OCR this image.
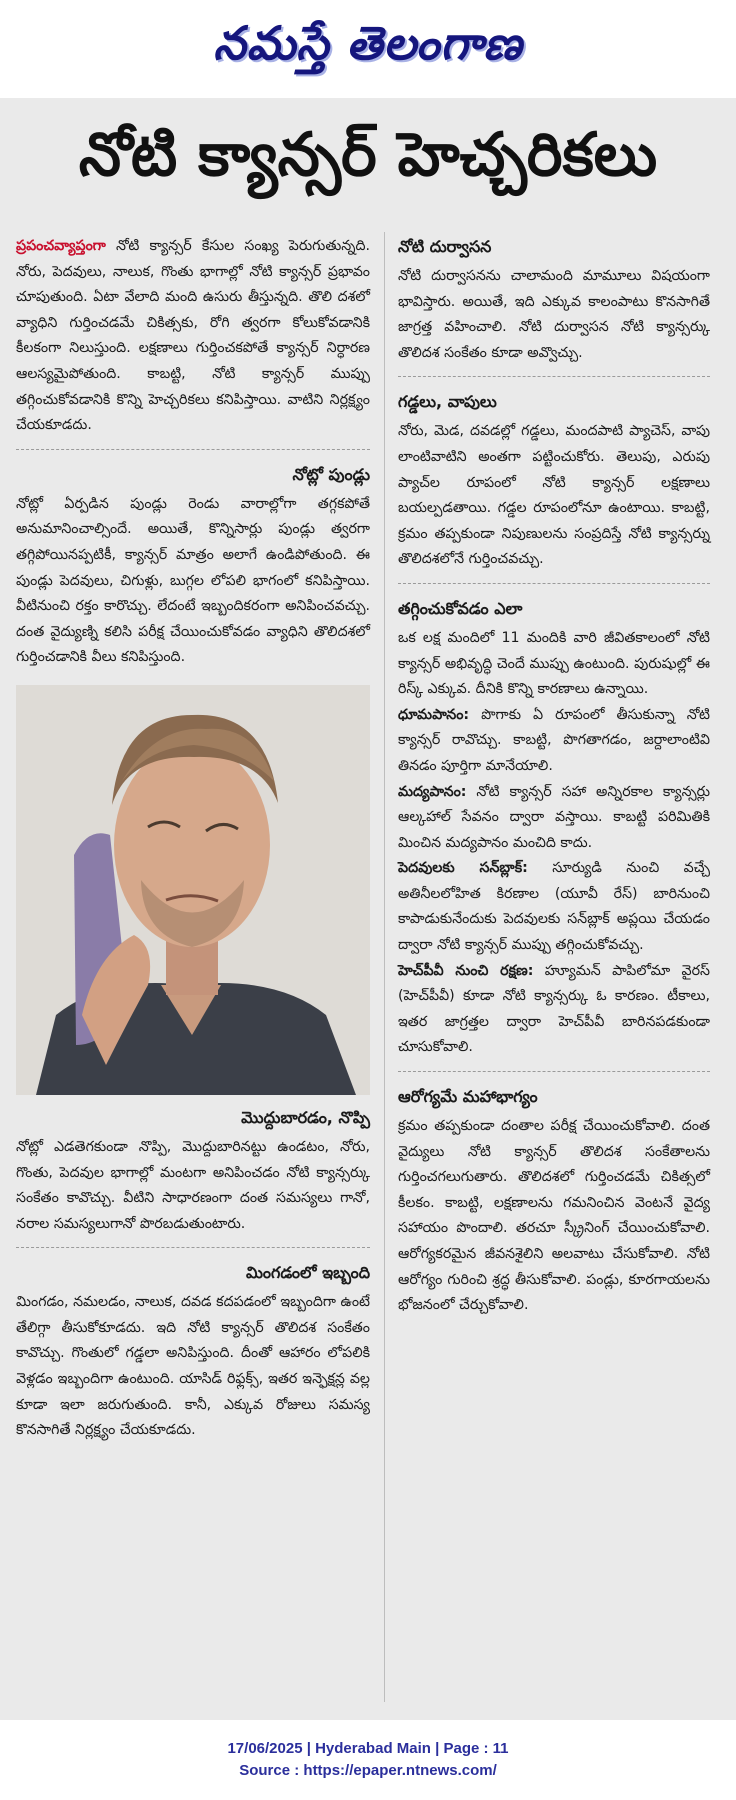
నమస్తే తెలంగాణ
నోటి క్యాన్సర్ హెచ్చరికలు

ప్రపంచవ్యాప్తంగా నోటి క్యాన్సర్ కేసుల సంఖ్య పెరుగుతున్నది. నోరు, పెదవులు, నాలుక, గొంతు భాగాల్లో నోటి క్యాన్సర్ ప్రభావం చూపుతుంది. ఏటా వేలాది మంది ఉసురు తీస్తున్నది. తొలి దశలో వ్యాధిని గుర్తించడమే చికిత్సకు, రోగి త్వరగా కోలుకోవడానికి కీలకంగా నిలుస్తుంది. లక్షణాలు గుర్తించకపోతే క్యాన్సర్ నిర్ధారణ ఆలస్యమైపోతుంది. కాబట్టి, నోటి క్యాన్సర్ ముప్పు తగ్గించుకోవడానికి కొన్ని హెచ్చరికలు కనిపిస్తాయి. వాటిని నిర్లక్ష్యం చేయకూడదు.

నోట్లో పుండ్లు

నోట్లో ఏర్పడిన పుండ్లు రెండు వారాల్లోగా తగ్గకపోతే అనుమానించాల్సిందే. అయితే, కొన్నిసార్లు పుండ్లు త్వరగా తగ్గిపోయినప్పటికీ, క్యాన్సర్ మాత్రం అలాగే ఉండిపోతుంది. ఈ పుండ్లు పెదవులు, చిగుళ్లు, బుగ్గల లోపలి భాగంలో కనిపిస్తాయి. వీటినుంచి రక్తం కారొచ్చు. లేదంటే ఇబ్బందికరంగా అనిపించవచ్చు. దంత వైద్యుణ్ని కలిసి పరీక్ష చేయించుకోవడం వ్యాధిని తొలిదశలో గుర్తించడానికి వీలు కనిపిస్తుంది.

మొద్దుబారడం, నొప్పి

నోట్లో ఎడతెగకుండా నొప్పి, మొద్దుబారినట్టు ఉండటం, నోరు, గొంతు, పెదవుల భాగాల్లో మంటగా అనిపించడం నోటి క్యాన్సర్కు సంకేతం కావొచ్చు. వీటిని సాధారణంగా దంత సమస్యలు గానో, నరాల సమస్యలుగానో పొరబడుతుంటారు.

మింగడంలో ఇబ్బంది

మింగడం, నమలడం, నాలుక, దవడ కదపడంలో ఇబ్బందిగా ఉంటే తేలిగ్గా తీసుకోకూడదు. ఇది నోటి క్యాన్సర్ తొలిదశ సంకేతం కావొచ్చు. గొంతులో గడ్డలా అనిపిస్తుంది. దీంతో ఆహారం లోపలికి వెళ్లడం ఇబ్బందిగా ఉంటుంది. యాసిడ్ రిఫ్లక్స్, ఇతర ఇన్ఫెక్షన్ల వల్ల కూడా ఇలా జరుగుతుంది. కానీ, ఎక్కువ రోజులు సమస్య కొనసాగితే నిర్లక్ష్యం చేయకూడదు.

నోటి దుర్వాసన

నోటి దుర్వాసనను చాలామంది మామూలు విషయంగా భావిస్తారు. అయితే, ఇది ఎక్కువ కాలంపాటు కొనసాగితే జాగ్రత్త వహించాలి. నోటి దుర్వాసన నోటి క్యాన్సర్కు తొలిదశ సంకేతం కూడా అవ్వొచ్చు.

గడ్డలు, వాపులు

నోరు, మెడ, దవడల్లో గడ్డలు, మందపాటి ప్యాచెస్, వాపు లాంటివాటిని అంతగా పట్టించుకోరు. తెలుపు, ఎరుపు ప్యాచ్‌ల రూపంలో నోటి క్యాన్సర్ లక్షణాలు బయల్పడతాయి. గడ్డల రూపంలోనూ ఉంటాయి. కాబట్టి, క్రమం తప్పకుండా నిపుణులను సంప్రదిస్తే నోటి క్యాన్సర్ను తొలిదశలోనే గుర్తించవచ్చు.

తగ్గించుకోవడం ఎలా

ఒక లక్ష మందిలో 11 మందికి వారి జీవితకాలంలో నోటి క్యాన్సర్ అభివృద్ధి చెందే ముప్పు ఉంటుంది. పురుషుల్లో ఈ రిస్క్ ఎక్కువ. దీనికి కొన్ని కారణాలు ఉన్నాయి.

ధూమపానం: పొగాకు ఏ రూపంలో తీసుకున్నా నోటి క్యాన్సర్ రావొచ్చు. కాబట్టి, పొగతాగడం, జర్దాలాంటివి తినడం పూర్తిగా మానేయాలి.

మద్యపానం: నోటి క్యాన్సర్ సహా అన్నిరకాల క్యాన్సర్లు ఆల్కహాల్ సేవనం ద్వారా వస్తాయి. కాబట్టి పరిమితికి మించిన మద్యపానం మంచిది కాదు.

పెదవులకు సన్‌బ్లాక్: సూర్యుడి నుంచి వచ్చే అతినీలలోహిత కిరణాల (యూవీ రేస్) బారినుంచి కాపాడుకునేందుకు పెదవులకు సన్‌బ్లాక్ అప్లయి చేయడం ద్వారా నోటి క్యాన్సర్ ముప్పు తగ్గించుకోవచ్చు.

హెచ్‌పీవీ నుంచి రక్షణ: హ్యూమన్ పాపిలోమా వైరస్ (హెచ్‌పీవీ) కూడా నోటి క్యాన్సర్కు ఓ కారణం. టీకాలు, ఇతర జాగ్రత్తల ద్వారా హెచ్‌పీవీ బారినపడకుండా చూసుకోవాలి.

ఆరోగ్యమే మహాభాగ్యం

క్రమం తప్పకుండా దంతాల పరీక్ష చేయించుకోవాలి. దంత వైద్యులు నోటి క్యాన్సర్ తొలిదశ సంకేతాలను గుర్తించగలుగుతారు. తొలిదశలో గుర్తించడమే చికిత్సలో కీలకం. కాబట్టి, లక్షణాలను గమనించిన వెంటనే వైద్య సహాయం పొందాలి. తరచూ స్క్రీనింగ్ చేయించుకోవాలి. ఆరోగ్యకరమైన జీవనశైలిని అలవాటు చేసుకోవాలి. నోటి ఆరోగ్యం గురించి శ్రద్ధ తీసుకోవాలి. పండ్లు, కూరగాయలను భోజనంలో చేర్చుకోవాలి.

17/06/2025 | Hyderabad Main | Page : 11
Source : https://epaper.ntnews.com/
